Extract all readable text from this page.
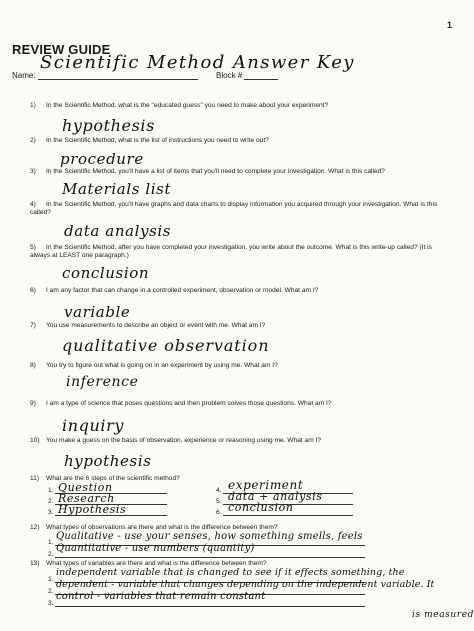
1
REVIEW GUIDE
Name:	Block #
Scientific Method Answer Key
1) In the Scientific Method, what is the "educated guess" you need to make about your experiment?
hypothesis
2) In the Scientific Method, what is the list of instructions you need to write out?
procedure
3) In the Scientific Method, you'll have a list of items that you'll need to complete your investigation. What is this called?
Materials list
4) In the Scientific Method, you'll have graphs and data charts to display information you acquired through your investigation. What is this called?
data analysis
5) In the Scientific Method, after you have completed your investigation, you write about the outcome. What is this write-up called? (It is always at LEAST one paragraph.)
conclusion
6) I am any factor that can change in a controlled experiment, observation or model. What am I?
variable
7) You use measurements to describe an object or event with me. What am I?
qualitative observation
8) You try to figure out what is going on in an experiment by using me. What am I?
inference
9) I am a type of science that poses questions and then problem solves those questions. What am I?
inquiry
10) You make a guess on the basis of observation, experience or reasoning using me. What am I?
hypothesis
11) What are the 6 steps of the scientific method?
1. Question
2. Research
3. Hypothesis
4. experiment
5. data + analysis
6. conclusion
12) What types of observations are there and what is the difference between them?
1.
Qualitative - use your senses, how something smells, feels
2.
Quantitative - use numbers (quantity)
13) What types of variables are there and what is the difference between them?
1.
independent variable that is changed to see if it effects something, the
2.
dependent - variable that changes depending on the independent variable. It
3.
control - variables that remain constant
is measured
